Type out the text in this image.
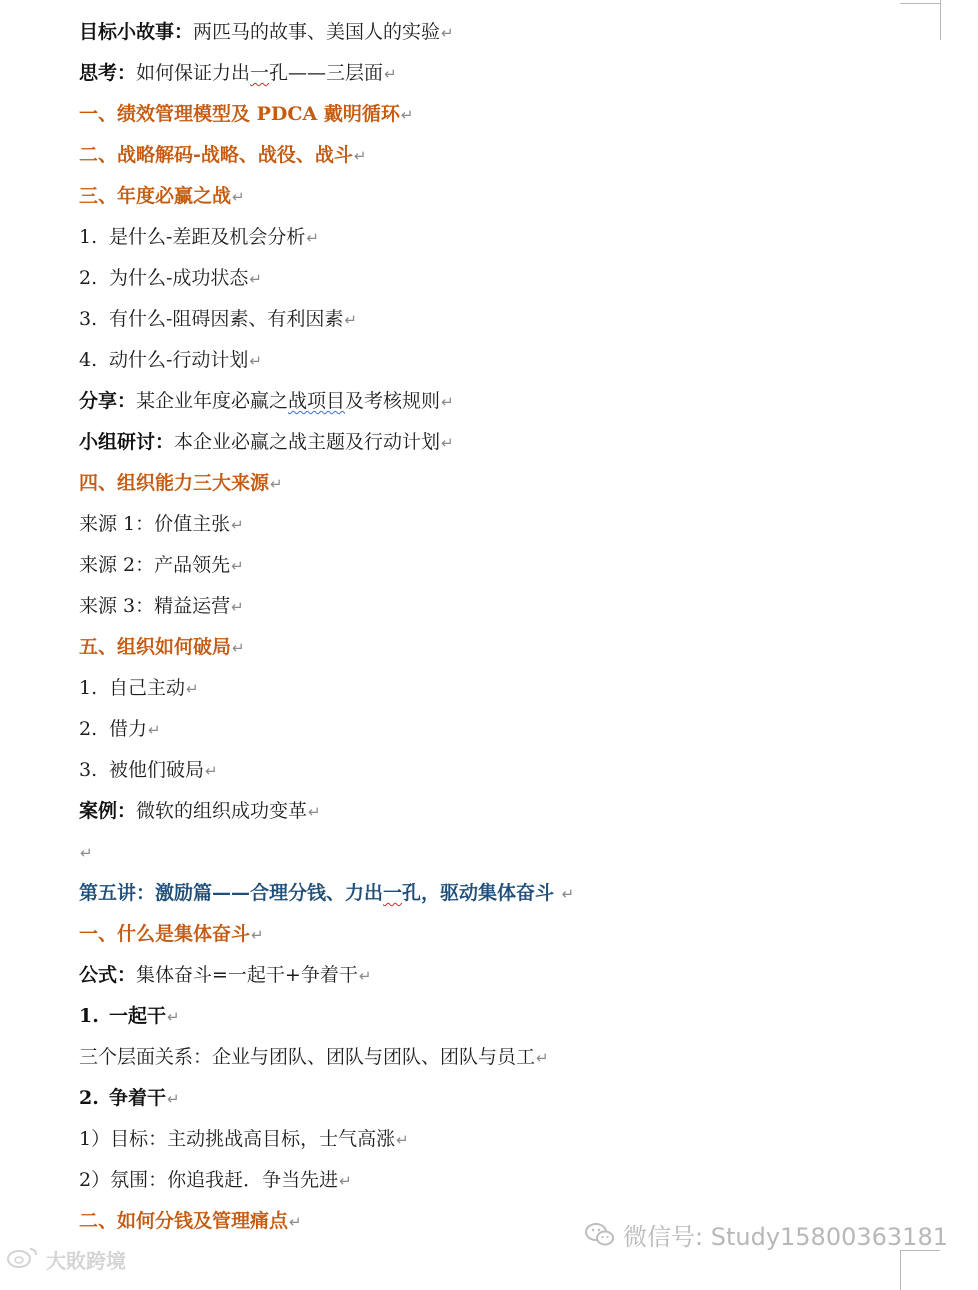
目标小故事：两匹马的故事、美国人的实验↵
思考：如何保证力出一孔——三层面↵
一、绩效管理模型及 PDCA 戴明循环↵
二、战略解码-战略、战役、战斗↵
三、年度必赢之战↵
1. 是什么-差距及机会分析↵
2. 为什么-成功状态↵
3. 有什么-阻碍因素、有利因素↵
4. 动什么-行动计划↵
分享：某企业年度必赢之战项目及考核规则↵
小组研讨：本企业必赢之战主题及行动计划↵
四、组织能力三大来源↵
来源 1：价值主张↵
来源 2：产品领先↵
来源 3：精益运营↵
五、组织如何破局↵
1. 自己主动↵
2. 借力↵
3. 被他们破局↵
案例：微软的组织成功变革↵
↵
第五讲：激励篇——合理分钱、力出一孔，驱动集体奋斗 ↵
一、什么是集体奋斗↵
公式：集体奋斗=一起干+争着干↵
1. 一起干↵
三个层面关系：企业与团队、团队与团队、团队与员工↵
2. 争着干↵
1）目标：主动挑战高目标，士气高涨↵
2）氛围：你追我赶．争当先进↵
二、如何分钱及管理痛点↵
微信号: Study15800363181
大敗跨境
